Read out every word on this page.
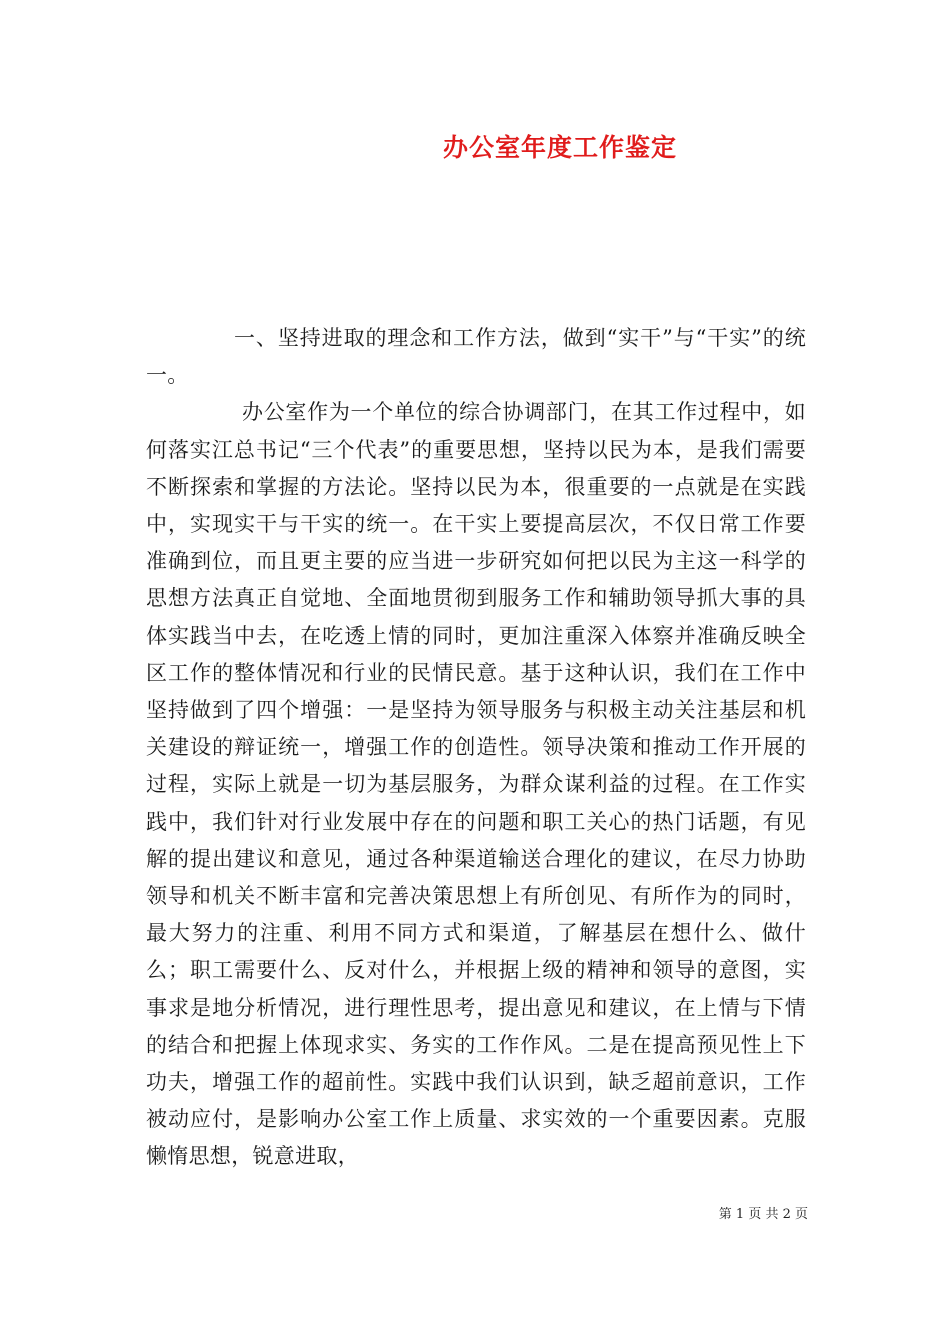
办公室年度工作鉴定

一、坚持进取的理念和工作方法，做到“实干”与“干实”的统一。

办公室作为一个单位的综合协调部门，在其工作过程中，如何落实江总书记“三个代表”的重要思想，坚持以民为本，是我们需要不断探索和掌握的方法论。坚持以民为本，很重要的一点就是在实践中，实现实干与干实的统一。在干实上要提高层次，不仅日常工作要准确到位，而且更主要的应当进一步研究如何把以民为主这一科学的思想方法真正自觉地、全面地贯彻到服务工作和辅助领导抓大事的具体实践当中去，在吃透上情的同时，更加注重深入体察并准确反映全区工作的整体情况和行业的民情民意。基于这种认识，我们在工作中坚持做到了四个增强：一是坚持为领导服务与积极主动关注基层和机关建设的辩证统一，增强工作的创造性。领导决策和推动工作开展的过程，实际上就是一切为基层服务，为群众谋利益的过程。在工作实践中，我们针对行业发展中存在的问题和职工关心的热门话题，有见解的提出建议和意见，通过各种渠道输送合理化的建议，在尽力协助领导和机关不断丰富和完善决策思想上有所创见、有所作为的同时，最大努力的注重、利用不同方式和渠道，了解基层在想什么、做什么；职工需要什么、反对什么，并根据上级的精神和领导的意图，实事求是地分析情况，进行理性思考，提出意见和建议，在上情与下情的结合和把握上体现求实、务实的工作作风。二是在提高预见性上下功夫，增强工作的超前性。实践中我们认识到，缺乏超前意识，工作被动应付，是影响办公室工作上质量、求实效的一个重要因素。克服懒惰思想，锐意进取，

第 1 页 共 2 页
